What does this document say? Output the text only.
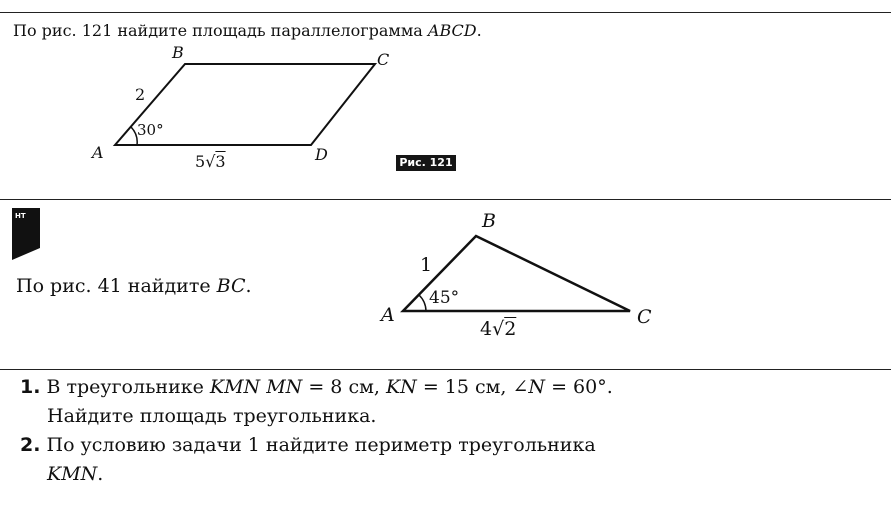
По рис. 121 найдите площадь параллелограмма ABCD.
A
B	C
D
2
30°
5√3	Рис. 121
НТ
По рис. 41 найдите BC.
A
B
C
1
45°
4√2
1. В треугольнике KMN MN = 8 см, KN = 15 см, ∠N = 60°.
Найдите площадь треугольника.
2. По условию задачи 1 найдите периметр треугольника
KMN.
